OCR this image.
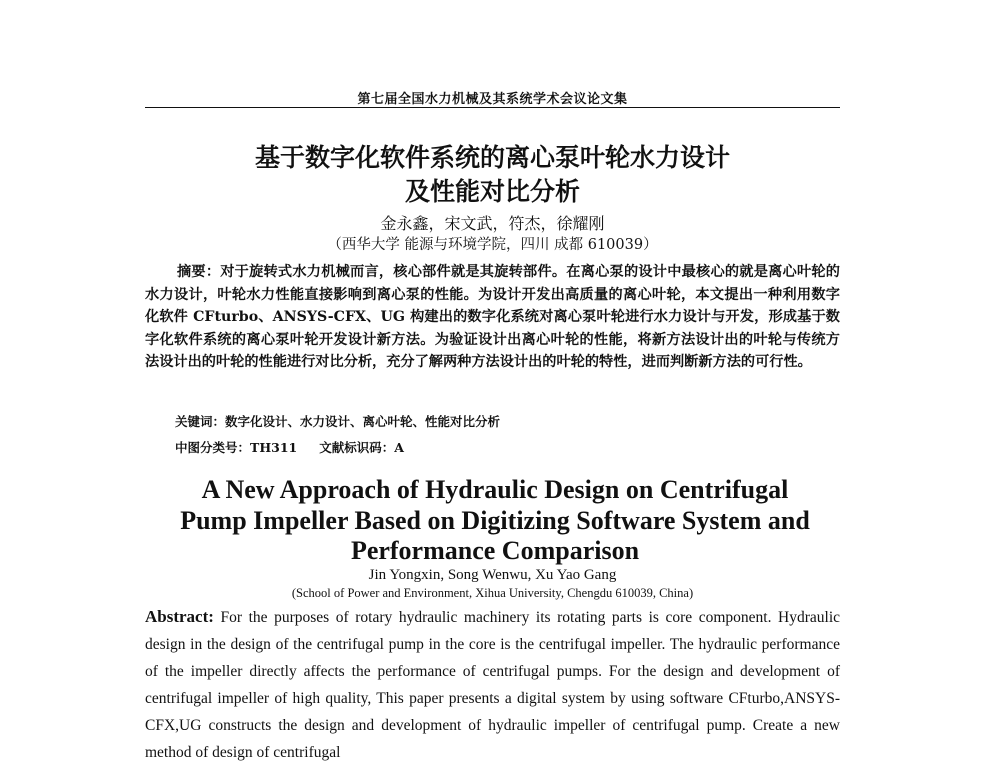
第七届全国水力机械及其系统学术会议论文集
基于数字化软件系统的离心泵叶轮水力设计
及性能对比分析
金永鑫，宋文武，符杰，徐耀刚
（西华大学 能源与环境学院，四川 成都 610039）
摘要：对于旋转式水力机械而言，核心部件就是其旋转部件。在离心泵的设计中最核心的就是离心叶轮的水力设计，叶轮水力性能直接影响到离心泵的性能。为设计开发出高质量的离心叶轮，本文提出一种利用数字化软件 CFturbo、ANSYS-CFX、UG 构建出的数字化系统对离心泵叶轮进行水力设计与开发，形成基于数字化软件系统的离心泵叶轮开发设计新方法。为验证设计出离心叶轮的性能，将新方法设计出的叶轮与传统方法设计出的叶轮的性能进行对比分析，充分了解两种方法设计出的叶轮的特性，进而判断新方法的可行性。
关键词：数字化设计、水力设计、离心叶轮、性能对比分析
中图分类号：TH311 文献标识码：A
A New Approach of Hydraulic Design on Centrifugal
Pump Impeller Based on Digitizing Software System and
Performance Comparison
Jin Yongxin, Song Wenwu, Xu Yao Gang
(School of Power and Environment, Xihua University, Chengdu 610039, China)
Abstract: For the purposes of rotary hydraulic machinery its rotating parts is core component. Hydraulic design in the design of the centrifugal pump in the core is the centrifugal impeller. The hydraulic performance of the impeller directly affects the performance of centrifugal pumps. For the design and development of centrifugal impeller of high quality, This paper presents a digital system by using software CFturbo,ANSYS-CFX,UG constructs the design and development of hydraulic impeller of centrifugal pump. Create a new method of design of centrifugal
